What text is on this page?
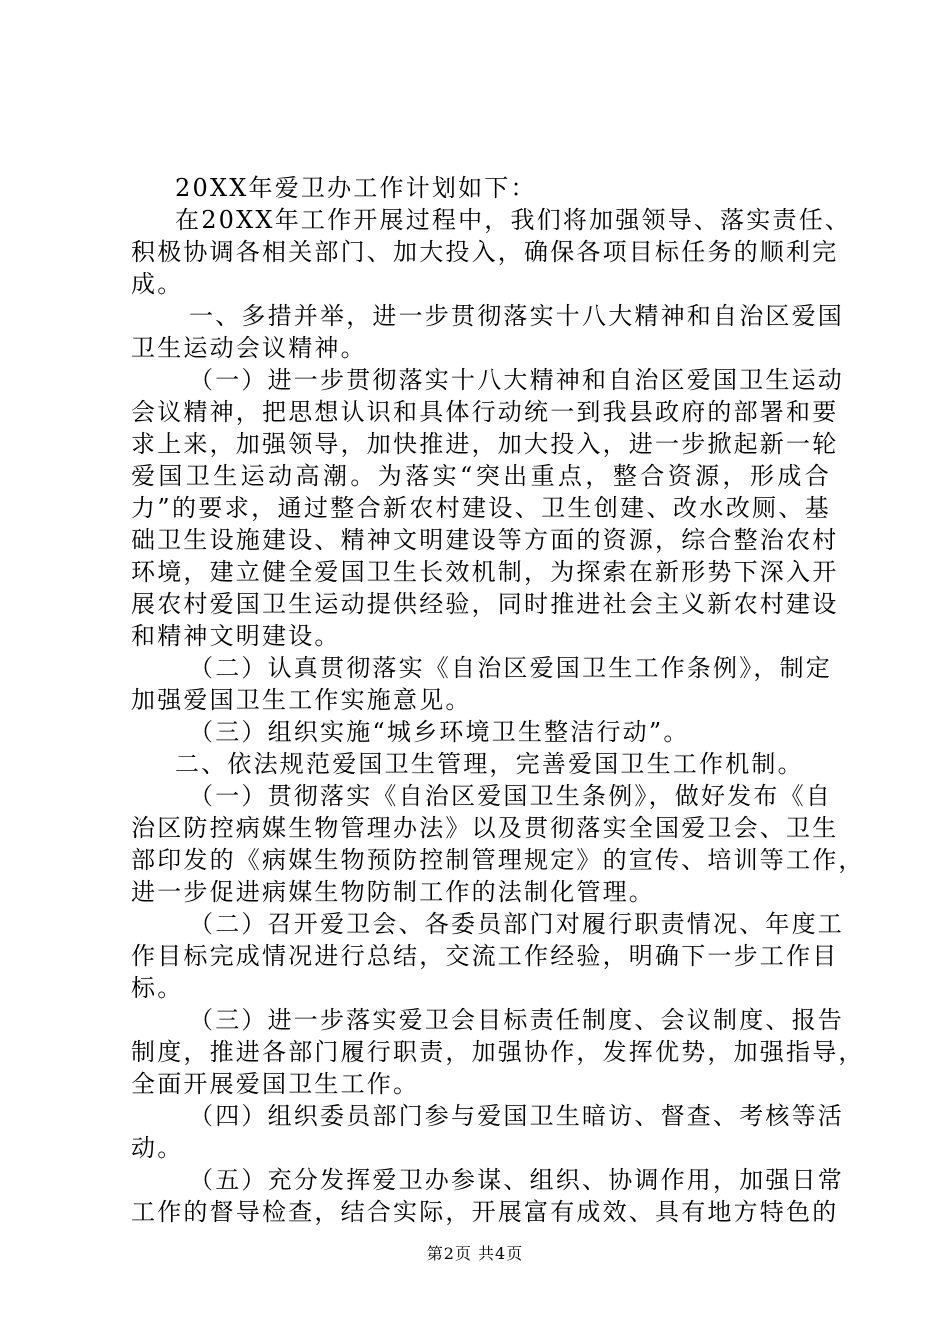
20XX年爱卫办工作计划如下：
在20XX年工作开展过程中，我们将加强领导、落实责任、
积极协调各相关部门、加大投入，确保各项目标任务的顺利完
成。
一、多措并举，进一步贯彻落实十八大精神和自治区爱国
卫生运动会议精神。
（一）进一步贯彻落实十八大精神和自治区爱国卫生运动
会议精神，把思想认识和具体行动统一到我县政府的部署和要
求上来，加强领导，加快推进，加大投入，进一步掀起新一轮
爱国卫生运动高潮。为落实“突出重点，整合资源，形成合
力”的要求，通过整合新农村建设、卫生创建、改水改厕、基
础卫生设施建设、精神文明建设等方面的资源，综合整治农村
环境，建立健全爱国卫生长效机制，为探索在新形势下深入开
展农村爱国卫生运动提供经验，同时推进社会主义新农村建设
和精神文明建设。
（二）认真贯彻落实《自治区爱国卫生工作条例》，制定
加强爱国卫生工作实施意见。
（三）组织实施“城乡环境卫生整洁行动”。
二、依法规范爱国卫生管理，完善爱国卫生工作机制。
（一）贯彻落实《自治区爱国卫生条例》，做好发布《自
治区防控病媒生物管理办法》以及贯彻落实全国爱卫会、卫生
部印发的《病媒生物预防控制管理规定》的宣传、培训等工作，
进一步促进病媒生物防制工作的法制化管理。
（二）召开爱卫会、各委员部门对履行职责情况、年度工
作目标完成情况进行总结，交流工作经验，明确下一步工作目
标。
（三）进一步落实爱卫会目标责任制度、会议制度、报告
制度，推进各部门履行职责，加强协作，发挥优势，加强指导，
全面开展爱国卫生工作。
（四）组织委员部门参与爱国卫生暗访、督查、考核等活
动。
（五）充分发挥爱卫办参谋、组织、协调作用，加强日常
工作的督导检查，结合实际，开展富有成效、具有地方特色的
第2页 共4页
